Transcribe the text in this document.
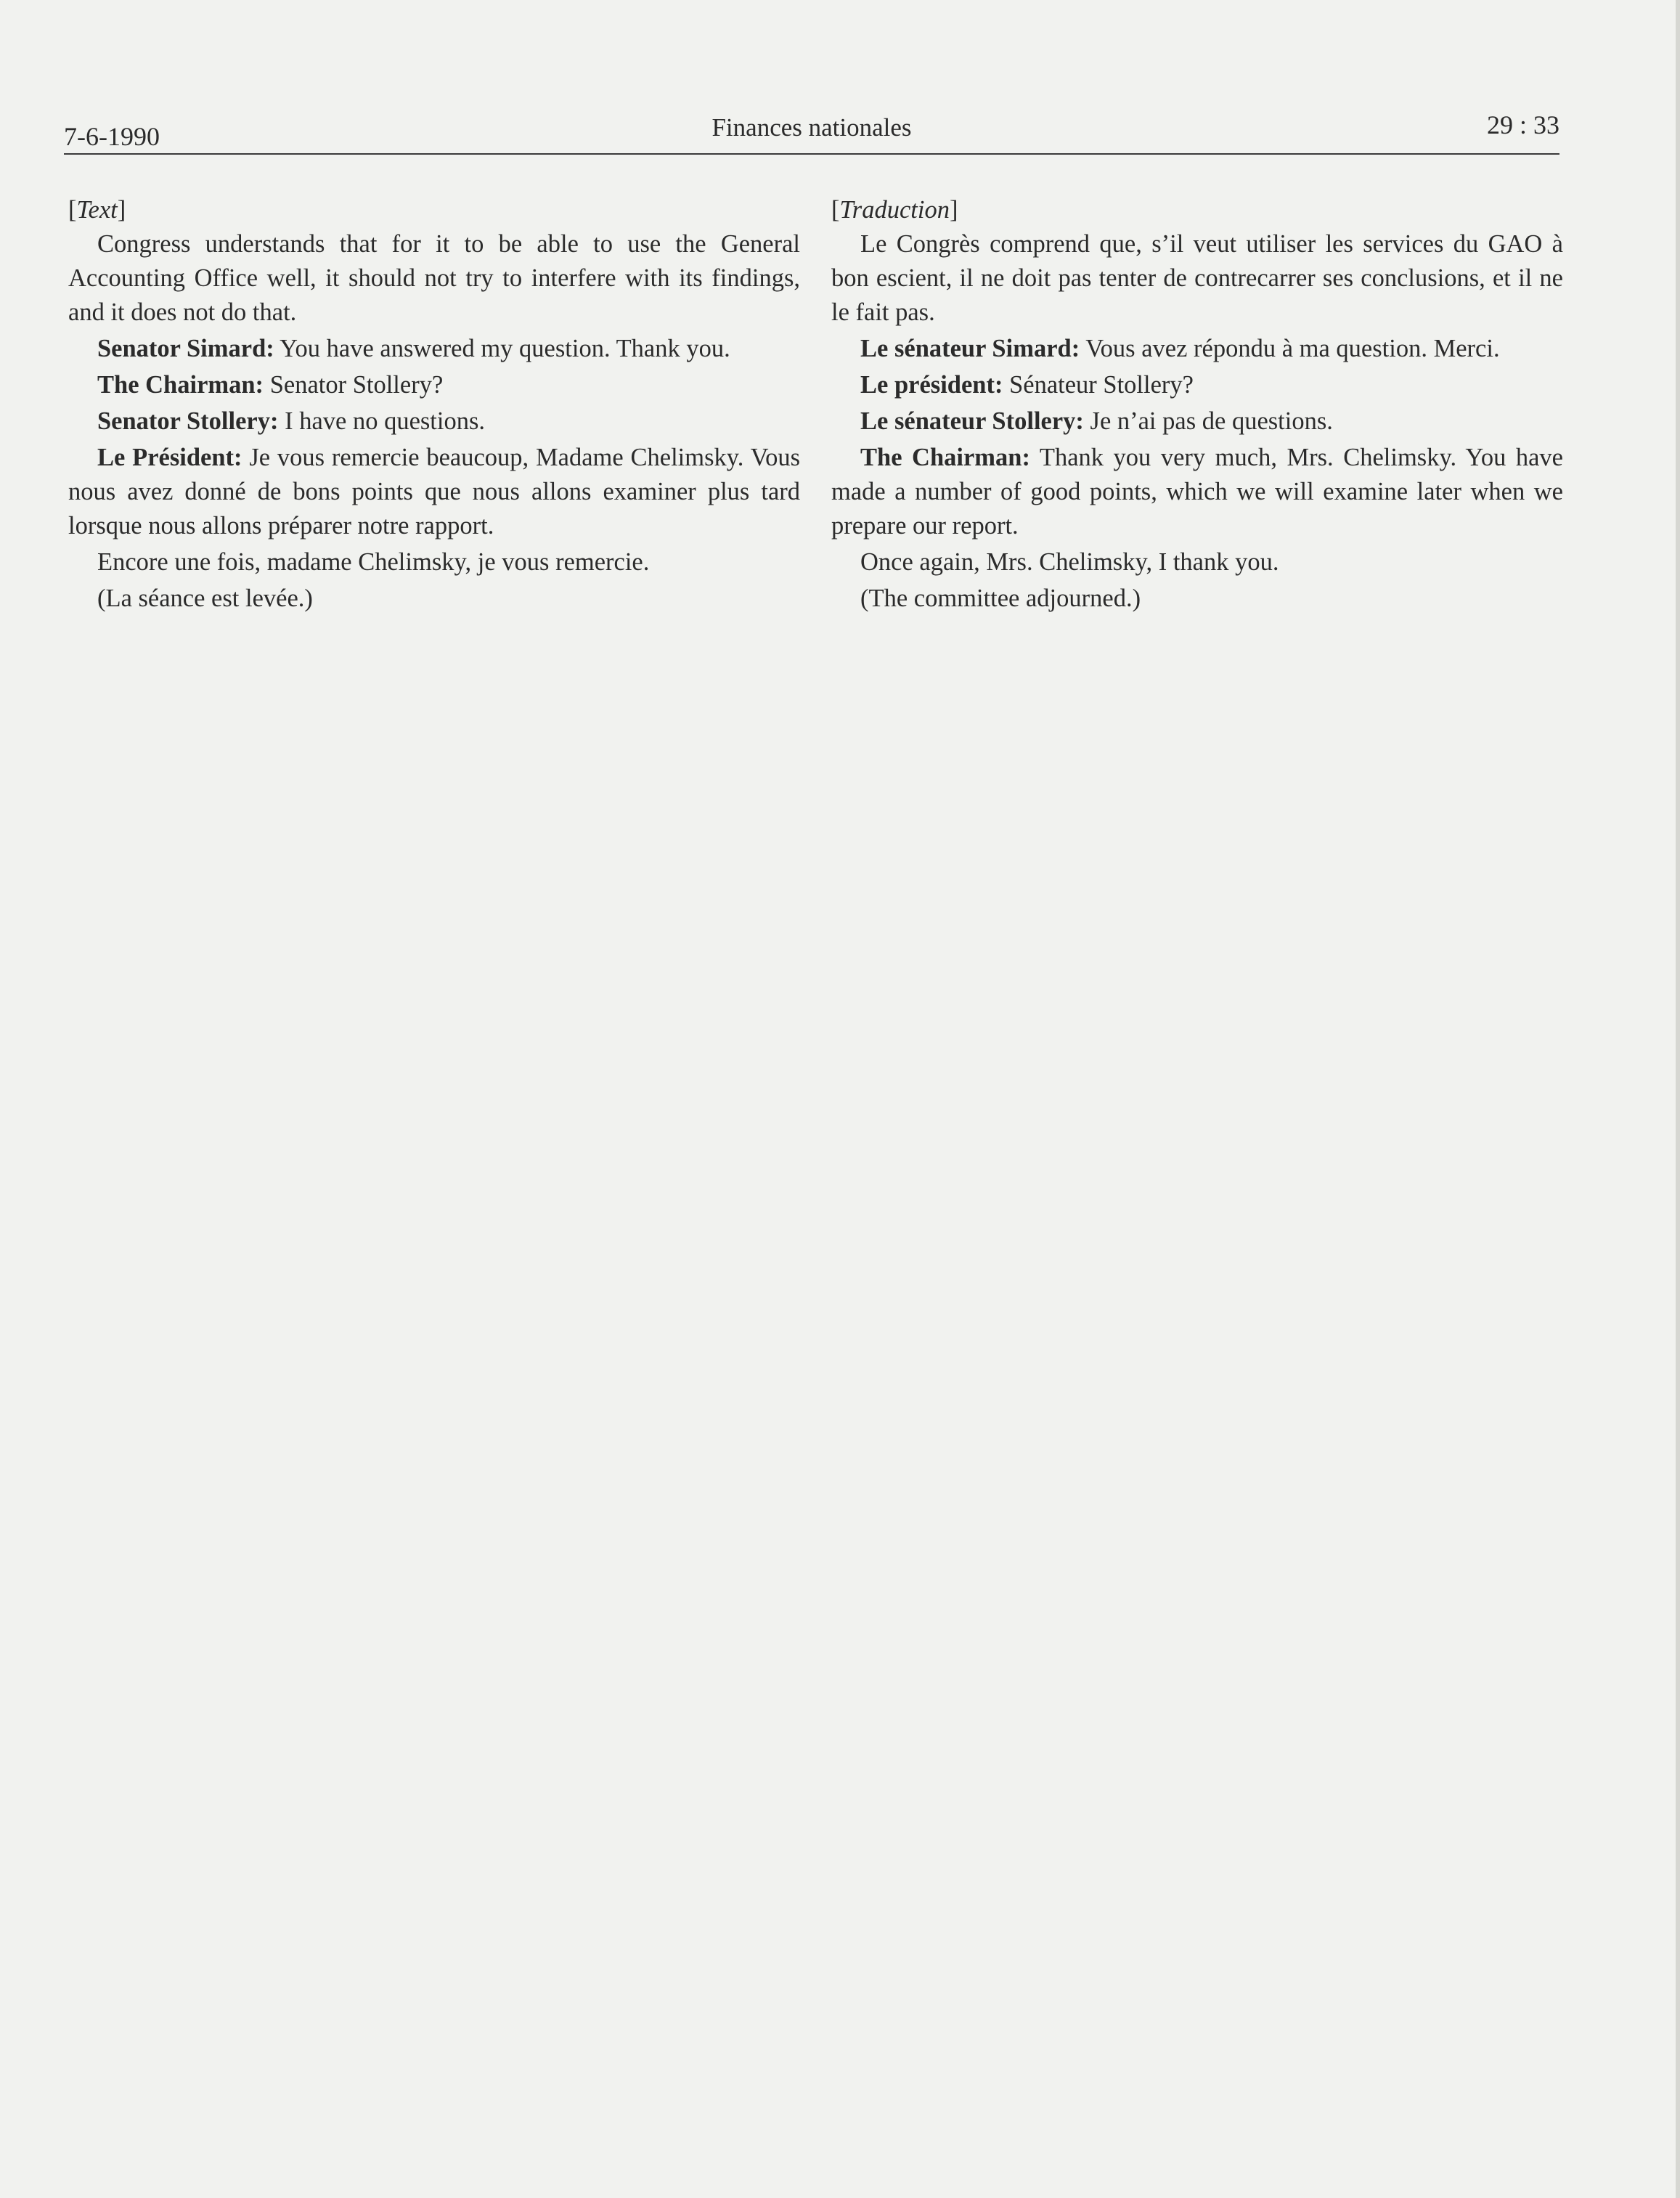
7-6-1990	Finances nationales	29 : 33

[Text]

Congress understands that for it to be able to use the General Accounting Office well, it should not try to interfere with its findings, and it does not do that.

Senator Simard: You have answered my question. Thank you.

The Chairman: Senator Stollery?

Senator Stollery: I have no questions.

Le Président: Je vous remercie beaucoup, Madame Chelimsky. Vous nous avez donné de bons points que nous allons examiner plus tard lorsque nous allons préparer notre rapport.

Encore une fois, madame Chelimsky, je vous remercie.

(La séance est levée.)

[Traduction]

Le Congrès comprend que, s’il veut utiliser les services du GAO à bon escient, il ne doit pas tenter de contrecarrer ses conclusions, et il ne le fait pas.

Le sénateur Simard: Vous avez répondu à ma question. Merci.

Le président: Sénateur Stollery?

Le sénateur Stollery: Je n’ai pas de questions.

The Chairman: Thank you very much, Mrs. Chelimsky. You have made a number of good points, which we will examine later when we prepare our report.

Once again, Mrs. Chelimsky, I thank you.

(The committee adjourned.)
